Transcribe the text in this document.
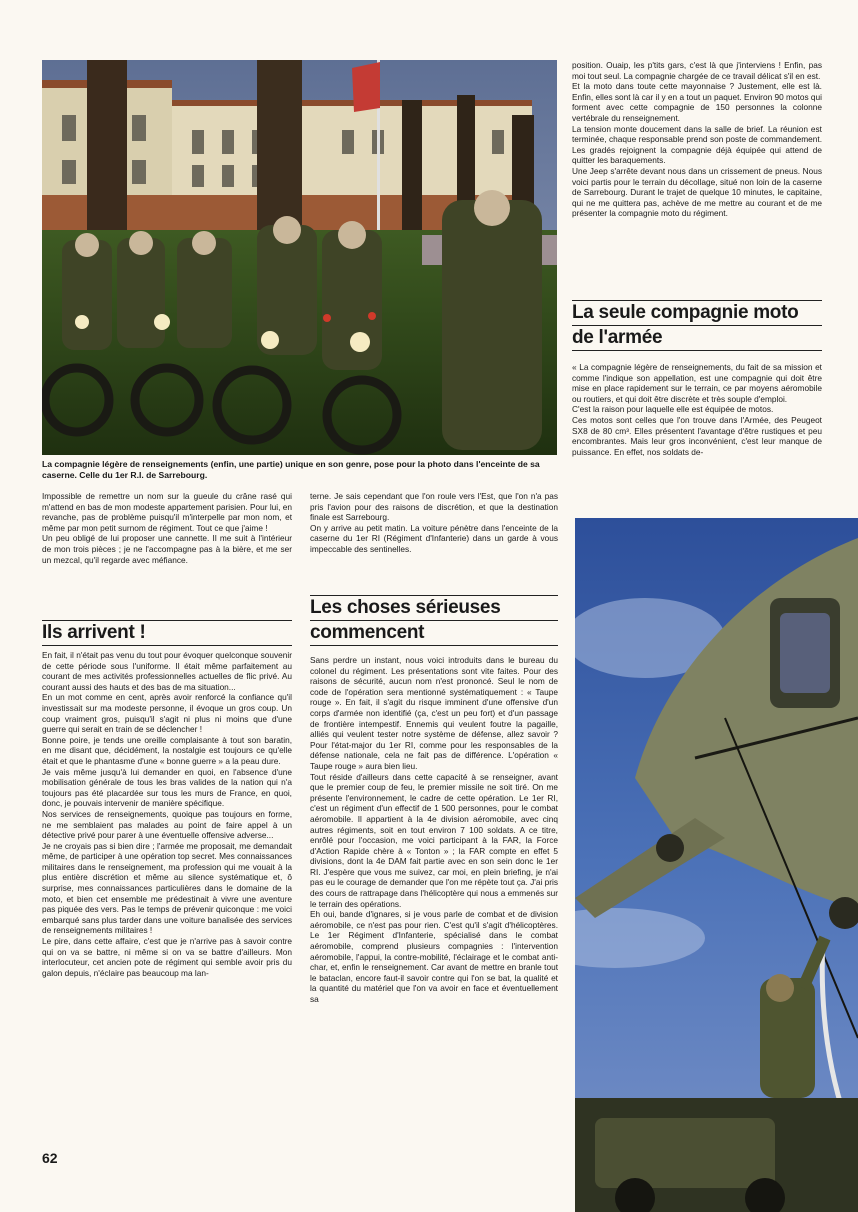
La compagnie légère de renseignements (enfin, une partie) unique en son genre, pose pour la photo dans l'enceinte de sa caserne. Celle du 1er R.I. de Sarrebourg.

Impossible de remettre un nom sur la gueule du crâne rasé qui m'attend en bas de mon modeste appartement parisien. Pour lui, en revanche, pas de problème puisqu'il m'interpelle par mon nom, et même par mon petit surnom de régiment. Tout ce que j'aime !

Un peu obligé de lui proposer une cannette. Il me suit à l'intérieur de mon trois pièces ; je ne l'accompagne pas à la bière, et me ser un mezcal, qu'il regarde avec méfiance.

Ils arrivent !

En fait, il n'était pas venu du tout pour évoquer quelconque souvenir de cette période sous l'uniforme. Il était même parfaitement au courant de mes activités professionnelles actuelles de flic privé. Au courant aussi des hauts et des bas de ma situation...

En un mot comme en cent, après avoir renforcé la confiance qu'il investissait sur ma modeste personne, il évoque un gros coup. Un coup vraiment gros, puisqu'il s'agit ni plus ni moins que d'une guerre qui serait en train de se déclencher !

Bonne poire, je tends une oreille complaisante à tout son baratin, en me disant que, décidément, la nostalgie est toujours ce qu'elle était et que le phantasme d'une « bonne guerre » a la peau dure.

Je vais même jusqu'à lui demander en quoi, en l'absence d'une mobilisation générale de tous les bras valides de la nation qui n'a toujours pas été placardée sur tous les murs de France, en quoi, donc, je pouvais intervenir de manière spécifique.

Nos services de renseignements, quoique pas toujours en forme, ne me semblaient pas malades au point de faire appel à un détective privé pour parer à une éventuelle offensive adverse...

Je ne croyais pas si bien dire ; l'armée me proposait, me demandait même, de participer à une opération top secret. Mes connaissances militaires dans le renseignement, ma profession qui me vouait à la plus entière discrétion et même au silence systématique et, ô surprise, mes connaissances particulières dans le domaine de la moto, et bien cet ensemble me prédestinait à vivre une aventure pas piquée des vers. Pas le temps de prévenir quiconque : me voici embarqué sans plus tarder dans une voiture banalisée des services de renseignements militaires !

Le pire, dans cette affaire, c'est que je n'arrive pas à savoir contre qui on va se battre, ni même si on va se battre d'ailleurs. Mon interlocuteur, cet ancien pote de régiment qui semble avoir pris du galon depuis, n'éclaire pas beaucoup ma lan-

terne. Je sais cependant que l'on roule vers l'Est, que l'on n'a pas pris l'avion pour des raisons de discrétion, et que la destination finale est Sarrebourg.

On y arrive au petit matin. La voiture pénètre dans l'enceinte de la caserne du 1er RI (Régiment d'Infanterie) dans un garde à vous impeccable des sentinelles.

Les choses sérieuses
commencent

Sans perdre un instant, nous voici introduits dans le bureau du colonel du régiment. Les présentations sont vite faites. Pour des raisons de sécurité, aucun nom n'est prononcé. Seul le nom de code de l'opération sera mentionné systématiquement : « Taupe rouge ». En fait, il s'agit du risque imminent d'une offensive d'un corps d'armée non identifié (ça, c'est un peu fort) et d'un passage de frontière intempestif. Ennemis qui veulent foutre la pagaille, alliés qui veulent tester notre système de défense, allez savoir ? Pour l'état-major du 1er RI, comme pour les responsables de la défense nationale, cela ne fait pas de différence. L'opération « Taupe rouge » aura bien lieu.

Tout réside d'ailleurs dans cette capacité à se renseigner, avant que le premier coup de feu, le premier missile ne soit tiré. On me présente l'environnement, le cadre de cette opération. Le 1er RI, c'est un régiment d'un effectif de 1 500 personnes, pour le combat aéromobile. Il appartient à la 4e division aéromobile, avec cinq autres régiments, soit en tout environ 7 100 soldats. A ce titre, enrôlé pour l'occasion, me voici participant à la FAR, la Force d'Action Rapide chère à « Tonton » ; la FAR compte en effet 5 divisions, dont la 4e DAM fait partie avec en son sein donc le 1er RI. J'espère que vous me suivez, car moi, en plein briefing, je n'ai pas eu le courage de demander que l'on me répète tout ça. J'ai pris des cours de rattrapage dans l'hélicoptère qui nous a emmenés sur le terrain des opérations.

Eh oui, bande d'ignares, si je vous parle de combat et de division aéromobile, ce n'est pas pour rien. C'est qu'il s'agit d'hélicoptères. Le 1er Régiment d'Infanterie, spécialisé dans le combat aéromobile, comprend plusieurs compagnies : l'intervention aéromobile, l'appui, la contre-mobilité, l'éclairage et le combat anti-char, et, enfin le renseignement. Car avant de mettre en branle tout le bataclan, encore faut-il savoir contre qui l'on se bat, la qualité et la quantité du matériel que l'on va avoir en face et éventuellement sa

position. Ouaip, les p'tits gars, c'est là que j'interviens ! Enfin, pas moi tout seul. La compagnie chargée de ce travail délicat s'il en est.

Et la moto dans toute cette mayonnaise ? Justement, elle est là. Enfin, elles sont là car il y en a tout un paquet. Environ 90 motos qui forment avec cette compagnie de 150 personnes la colonne vertébrale du renseignement.

La tension monte doucement dans la salle de brief. La réunion est terminée, chaque responsable prend son poste de commandement. Les gradés rejoignent la compagnie déjà équipée qui attend de quitter les baraquements.

Une Jeep s'arrête devant nous dans un crissement de pneus. Nous voici partis pour le terrain du décollage, situé non loin de la caserne de Sarrebourg. Durant le trajet de quelque 10 minutes, le capitaine, qui ne me quittera pas, achève de me mettre au courant et de me présenter la compagnie moto du régiment.

La seule compagnie moto
de l'armée

« La compagnie légère de renseignements, du fait de sa mission et comme l'indique son appellation, est une compagnie qui doit être mise en place rapidement sur le terrain, ce par moyens aéromobile ou routiers, et qui doit être discrète et très souple d'emploi.

C'est la raison pour laquelle elle est équipée de motos.

Ces motos sont celles que l'on trouve dans l'Armée, des Peugeot SX8 de 80 cm³. Elles présentent l'avantage d'être rustiques et peu encombrantes. Mais leur gros inconvénient, c'est leur manque de puissance. En effet, nos soldats de-

62
